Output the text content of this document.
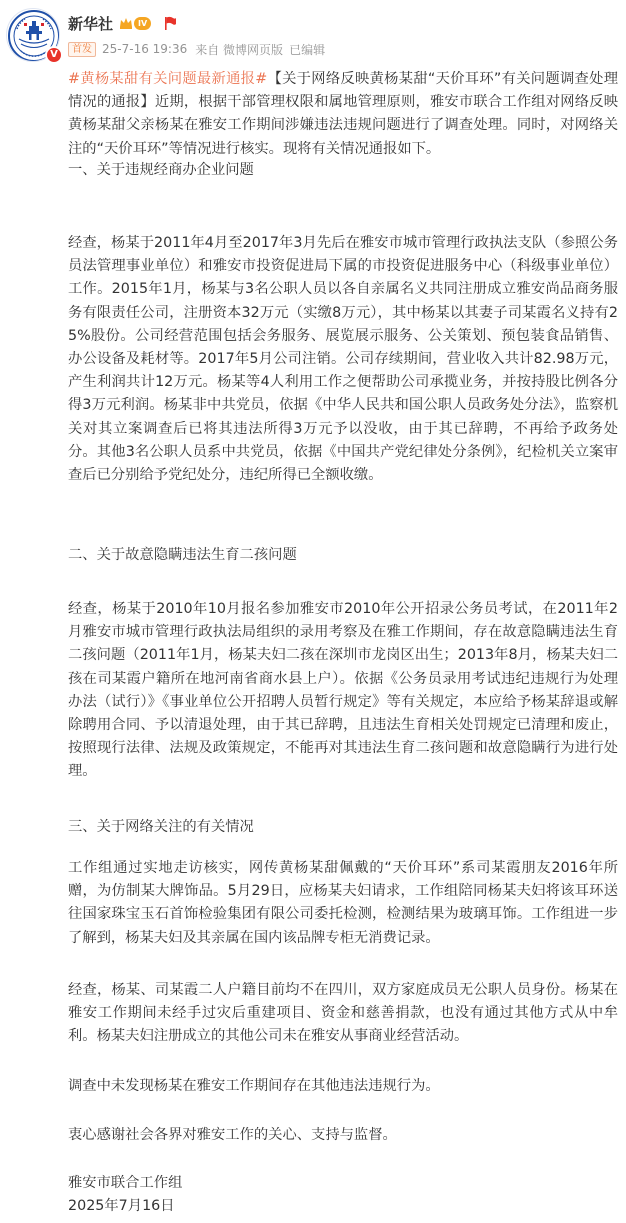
V
新华社	IV
首发 25-7-16 19:36 来自 微博网页版 已编辑

#黄杨某甜有关问题最新通报#【关于网络反映黄杨某甜“天价耳环”有关问题调查处理情况的通报】近期，根据干部管理权限和属地管理原则，雅安市联合工作组对网络反映黄杨某甜父亲杨某在雅安工作期间涉嫌违法违规问题进行了调查处理。同时，对网络关注的“天价耳环”等情况进行核实。现将有关情况通报如下。

一、关于违规经商办企业问题

经查，杨某于2011年4月至2017年3月先后在雅安市城市管理行政执法支队（参照公务员法管理事业单位）和雅安市投资促进局下属的市投资促进服务中心（科级事业单位）工作。2015年1月，杨某与3名公职人员以各自亲属名义共同注册成立雅安尚品商务服务有限责任公司，注册资本32万元（实缴8万元），其中杨某以其妻子司某霞名义持有25%股份。公司经营范围包括会务服务、展览展示服务、公关策划、预包装食品销售、办公设备及耗材等。2017年5月公司注销。公司存续期间，营业收入共计82.98万元，产生利润共计12万元。杨某等4人利用工作之便帮助公司承揽业务，并按持股比例各分得3万元利润。杨某非中共党员，依据《中华人民共和国公职人员政务处分法》，监察机关对其立案调查后已将其违法所得3万元予以没收，由于其已辞聘，不再给予政务处分。其他3名公职人员系中共党员，依据《中国共产党纪律处分条例》，纪检机关立案审查后已分别给予党纪处分，违纪所得已全额收缴。

二、关于故意隐瞒违法生育二孩问题

经查，杨某于2010年10月报名参加雅安市2010年公开招录公务员考试，在2011年2月雅安市城市管理行政执法局组织的录用考察及在雅工作期间，存在故意隐瞒违法生育二孩问题（2011年1月，杨某夫妇二孩在深圳市龙岗区出生；2013年8月，杨某夫妇二孩在司某霞户籍所在地河南省商水县上户）。依据《公务员录用考试违纪违规行为处理办法（试行）》《事业单位公开招聘人员暂行规定》等有关规定，本应给予杨某辞退或解除聘用合同、予以清退处理，由于其已辞聘，且违法生育相关处罚规定已清理和废止，按照现行法律、法规及政策规定，不能再对其违法生育二孩问题和故意隐瞒行为进行处理。

三、关于网络关注的有关情况

工作组通过实地走访核实，网传黄杨某甜佩戴的“天价耳环”系司某霞朋友2016年所赠，为仿制某大牌饰品。5月29日，应杨某夫妇请求，工作组陪同杨某夫妇将该耳环送往国家珠宝玉石首饰检验集团有限公司委托检测，检测结果为玻璃耳饰。工作组进一步了解到，杨某夫妇及其亲属在国内该品牌专柜无消费记录。

经查，杨某、司某霞二人户籍目前均不在四川，双方家庭成员无公职人员身份。杨某在雅安工作期间未经手过灾后重建项目、资金和慈善捐款，也没有通过其他方式从中牟利。杨某夫妇注册成立的其他公司未在雅安从事商业经营活动。

调查中未发现杨某在雅安工作期间存在其他违法违规行为。

衷心感谢社会各界对雅安工作的关心、支持与监督。

雅安市联合工作组

2025年7月16日
